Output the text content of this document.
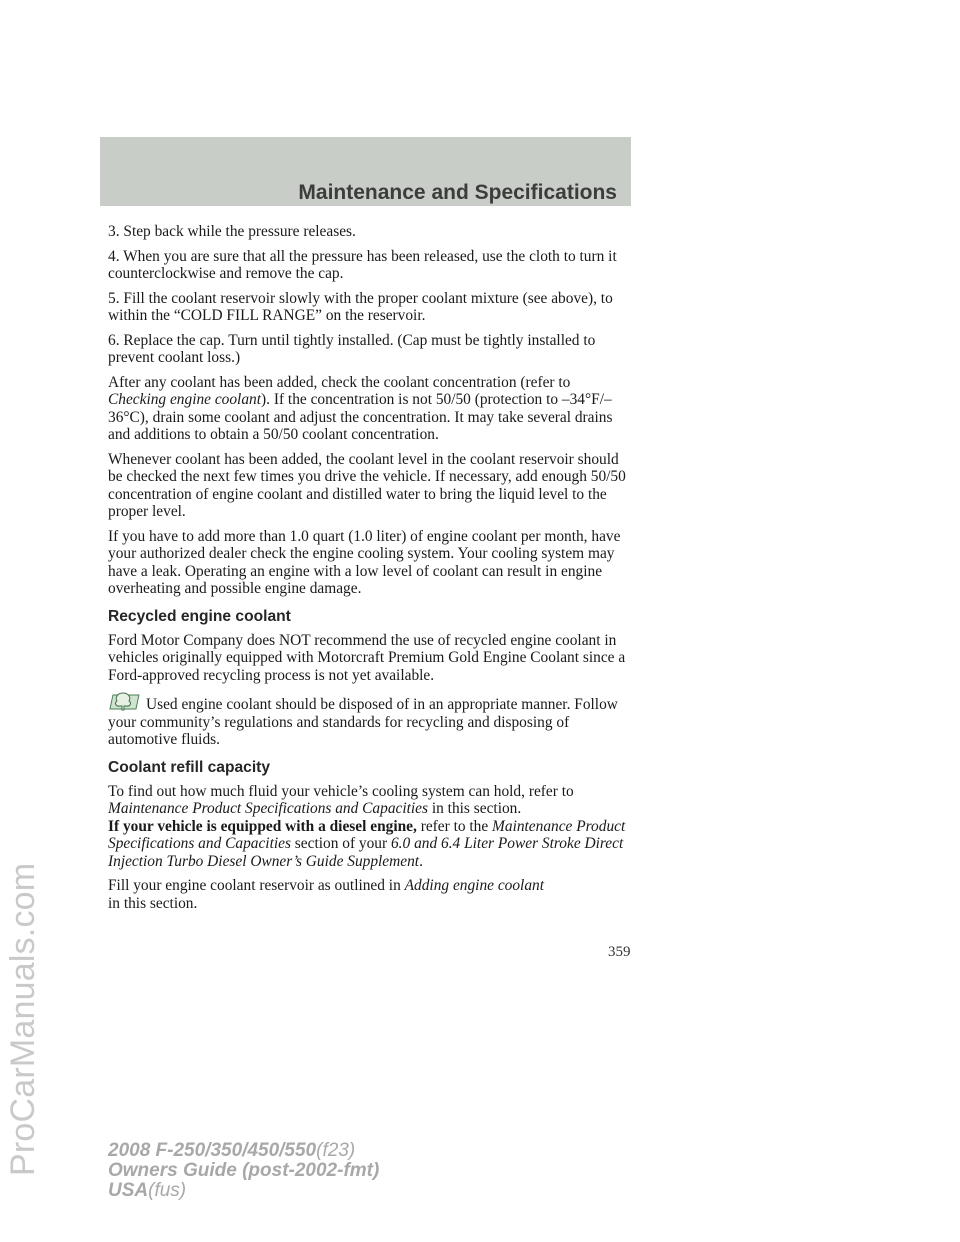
Maintenance and Specifications
ProCarManuals.com

3. Step back while the pressure releases.

4. When you are sure that all the pressure has been released, use the cloth to turn it counterclockwise and remove the cap.

5. Fill the coolant reservoir slowly with the proper coolant mixture (see above), to within the “COLD FILL RANGE” on the reservoir.

6. Replace the cap. Turn until tightly installed. (Cap must be tightly installed to prevent coolant loss.)

After any coolant has been added, check the coolant concentration (refer to Checking engine coolant). If the concentration is not 50/50 (protection to –34°F/–36°C), drain some coolant and adjust the concentration. It may take several drains and additions to obtain a 50/50 coolant concentration.

Whenever coolant has been added, the coolant level in the coolant reservoir should be checked the next few times you drive the vehicle. If necessary, add enough 50/50 concentration of engine coolant and distilled water to bring the liquid level to the proper level.

If you have to add more than 1.0 quart (1.0 liter) of engine coolant per month, have your authorized dealer check the engine cooling system. Your cooling system may have a leak. Operating an engine with a low level of coolant can result in engine overheating and possible engine damage.

Recycled engine coolant

Ford Motor Company does NOT recommend the use of recycled engine coolant in vehicles originally equipped with Motorcraft Premium Gold Engine Coolant since a Ford-approved recycling process is not yet available.

Used engine coolant should be disposed of in an appropriate manner. Follow your community’s regulations and standards for recycling and disposing of automotive fluids.

Coolant refill capacity

To find out how much fluid your vehicle’s cooling system can hold, refer to Maintenance Product Specifications and Capacities in this section.
If your vehicle is equipped with a diesel engine, refer to the Maintenance Product Specifications and Capacities section of your 6.0 and 6.4 Liter Power Stroke Direct Injection Turbo Diesel Owner’s Guide Supplement.

Fill your engine coolant reservoir as outlined in Adding engine coolant
in this section.

359
2008 F-250/350/450/550(f23)
Owners Guide (post-2002-fmt)
USA(fus)
